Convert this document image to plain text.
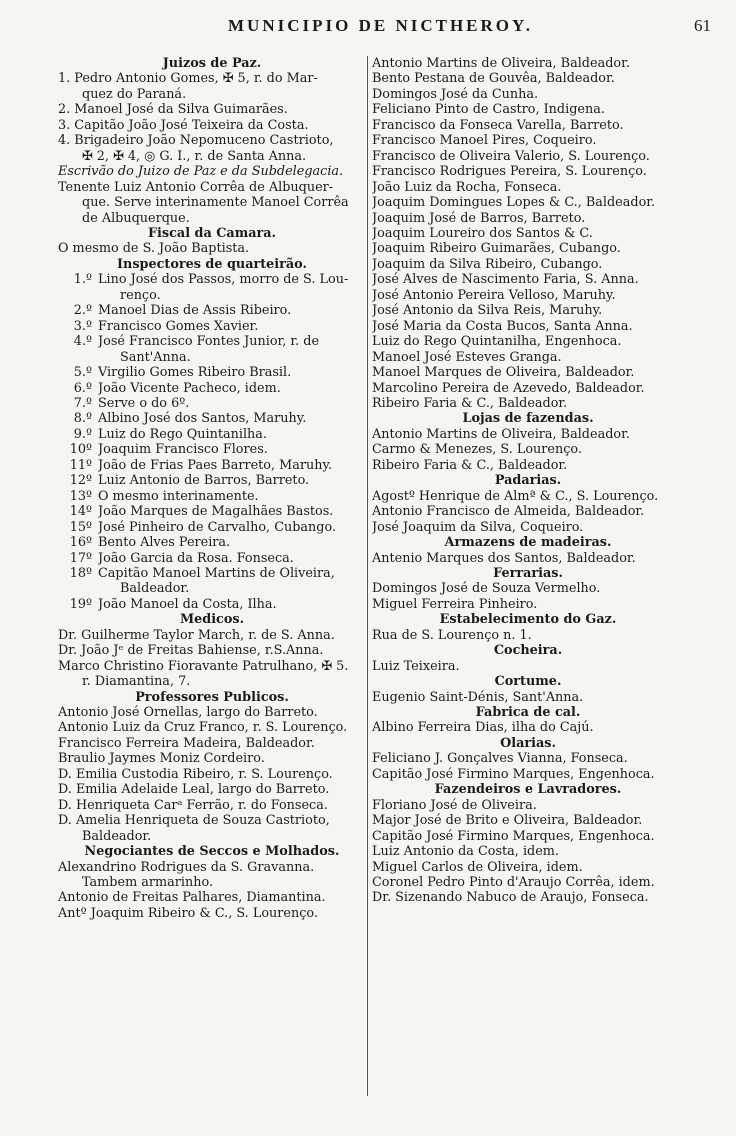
MUNICIPIO DE NICTHEROY.	61
Juizos de Paz.
1. Pedro Antonio Gomes, ✠ 5, r. do Mar-
quez do Paraná.
2. Manoel José da Silva Guimarães.
3. Capitão João José Teixeira da Costa.
4. Brigadeiro João Nepomuceno Castrioto,
✠ 2, ✠ 4, ◎ G. I., r. de Santa Anna.
Escrivão do Juizo de Paz e da Subdelegacia.
Tenente Luiz Antonio Corrêa de Albuquer-
que. Serve interinamente Manoel Corrêa
de Albuquerque.
Fiscal da Camara.
O mesmo de S. João Baptista.
Inspectores de quarteirão.
1.º Lino José dos Passos, morro de S. Lou-
renço.
2.º Manoel Dias de Assis Ribeiro.
3.º Francisco Gomes Xavier.
4.º José Francisco Fontes Junior, r. de
Sant'Anna.
5.º Virgilio Gomes Ribeiro Brasil.
6.º João Vicente Pacheco, idem.
7.º Serve o do 6º.
8.º Albino José dos Santos, Maruhy.
9.º Luiz do Rego Quintanilha.
10º Joaquim Francisco Flores.
11º João de Frias Paes Barreto, Maruhy.
12º Luiz Antonio de Barros, Barreto.
13º O mesmo interinamente.
14º João Marques de Magalhães Bastos.
15º José Pinheiro de Carvalho, Cubango.
16º Bento Alves Pereira.
17º João Garcia da Rosa. Fonseca.
18º Capitão Manoel Martins de Oliveira,
Baldeador.
19º João Manoel da Costa, Ilha.
Medicos.
Dr. Guilherme Taylor March, r. de S. Anna.
Dr. João Jᵉ de Freitas Bahiense, r.S.Anna.
Marco Christino Fioravante Patrulhano, ✠ 5.
r. Diamantina, 7.
Professores Publicos.
Antonio José Ornellas, largo do Barreto.
Antonio Luiz da Cruz Franco, r. S. Lourenço.
Francisco Ferreira Madeira, Baldeador.
Braulio Jaymes Moniz Cordeiro.
D. Emilia Custodia Ribeiro, r. S. Lourenço.
D. Emilia Adelaide Leal, largo do Barreto.
D. Henriqueta Carᵃ Ferrão, r. do Fonseca.
D. Amelia Henriqueta de Souza Castrioto,
Baldeador.
Negociantes de Seccos e Molhados.
Alexandrino Rodrigues da S. Gravanna.
Tambem armarinho.
Antonio de Freitas Palhares, Diamantina.
Antº Joaquim Ribeiro & C., S. Lourenço.
Antonio Martins de Oliveira, Baldeador.
Bento Pestana de Gouvêa, Baldeador.
Domingos José da Cunha.
Feliciano Pinto de Castro, Indigena.
Francisco da Fonseca Varella, Barreto.
Francisco Manoel Pires, Coqueiro.
Francisco de Oliveira Valerio, S. Lourenço.
Francisco Rodrigues Pereira, S. Lourenço.
João Luiz da Rocha, Fonseca.
Joaquim Domingues Lopes & C., Baldeador.
Joaquim José de Barros, Barreto.
Joaquim Loureiro dos Santos & C.
Joaquim Ribeiro Guimarães, Cubango.
Joaquim da Silva Ribeiro, Cubango.
José Alves de Nascimento Faria, S. Anna.
José Antonio Pereira Velloso, Maruhy.
José Antonio da Silva Reis, Maruhy.
José Maria da Costa Bucos, Santa Anna.
Luiz do Rego Quintanilha, Engenhoca.
Manoel José Esteves Granga.
Manoel Marques de Oliveira, Baldeador.
Marcolino Pereira de Azevedo, Baldeador.
Ribeiro Faria & C., Baldeador.
Lojas de fazendas.
Antonio Martins de Oliveira, Baldeador.
Carmo & Menezes, S. Lourenço.
Ribeiro Faria & C., Baldeador.
Padarias.
Agostº Henrique de Almª & C., S. Lourenço.
Antonio Francisco de Almeida, Baldeador.
José Joaquim da Silva, Coqueiro.
Armazens de madeiras.
Antenio Marques dos Santos, Baldeador.
Ferrarias.
Domingos José de Souza Vermelho.
Miguel Ferreira Pinheiro.
Estabelecimento do Gaz.
Rua de S. Lourenço n. 1.
Cocheira.
Luiz Teixeira.
Cortume.
Eugenio Saint-Dénis, Sant'Anna.
Fabrica de cal.
Albino Ferreira Dias, ilha do Cajú.
Olarias.
Feliciano J. Gonçalves Vianna, Fonseca.
Capitão José Firmino Marques, Engenhoca.
Fazendeiros e Lavradores.
Floriano José de Oliveira.
Major José de Brito e Oliveira, Baldeador.
Capitão José Firmino Marques, Engenhoca.
Luiz Antonio da Costa, idem.
Miguel Carlos de Oliveira, idem.
Coronel Pedro Pinto d'Araujo Corrêa, idem.
Dr. Sizenando Nabuco de Araujo, Fonseca.
